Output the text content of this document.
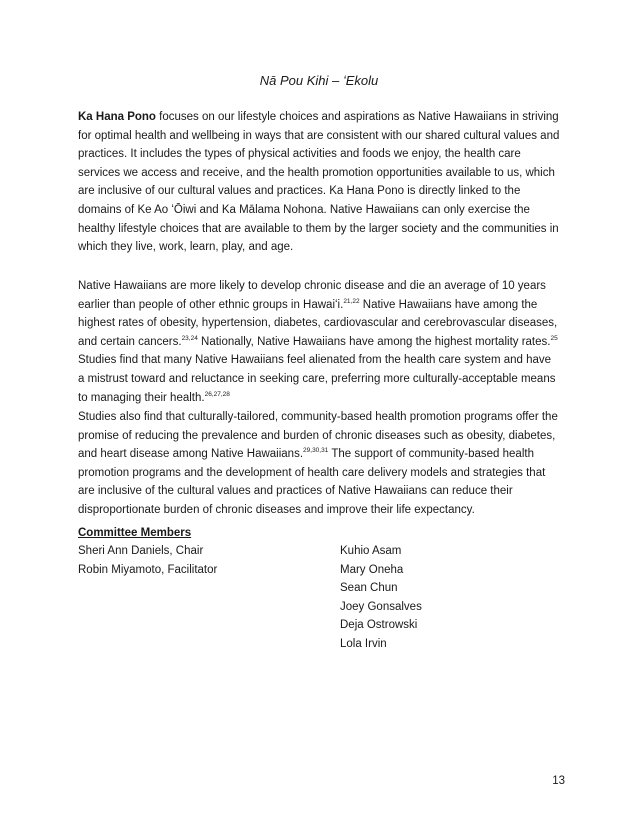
Nā Pou Kihi – ʻEkolu

Ka Hana Pono focuses on our lifestyle choices and aspirations as Native Hawaiians in striving for optimal health and wellbeing in ways that are consistent with our shared cultural values and practices. It includes the types of physical activities and foods we enjoy, the health care services we access and receive, and the health promotion opportunities available to us, which are inclusive of our cultural values and practices. Ka Hana Pono is directly linked to the domains of Ke Ao ʻŌiwi and Ka Mālama Nohona. Native Hawaiians can only exercise the healthy lifestyle choices that are available to them by the larger society and the communities in which they live, work, learn, play, and age.

Native Hawaiians are more likely to develop chronic disease and die an average of 10 years earlier than people of other ethnic groups in Hawaiʻi.$^{21,22}$ Native Hawaiians have among the highest rates of obesity, hypertension, diabetes, cardiovascular and cerebrovascular diseases, and certain cancers.$^{23,24}$ Nationally, Native Hawaiians have among the highest mortality rates.$^{25}$ Studies find that many Native Hawaiians feel alienated from the health care system and have a mistrust toward and reluctance in seeking care, preferring more culturally-acceptable means to managing their health.$^{26,27,28}$

Studies also find that culturally-tailored, community-based health promotion programs offer the promise of reducing the prevalence and burden of chronic diseases such as obesity, diabetes, and heart disease among Native Hawaiians.$^{29,30,31}$ The support of community-based health promotion programs and the development of health care delivery models and strategies that are inclusive of the cultural values and practices of Native Hawaiians can reduce their disproportionate burden of chronic diseases and improve their life expectancy.

Committee Members
Sheri Ann Daniels, Chair
Robin Miyamoto, Facilitator
Kuhio Asam
Mary Oneha
Sean Chun
Joey Gonsalves
Deja Ostrowski
Lola Irvin
13
